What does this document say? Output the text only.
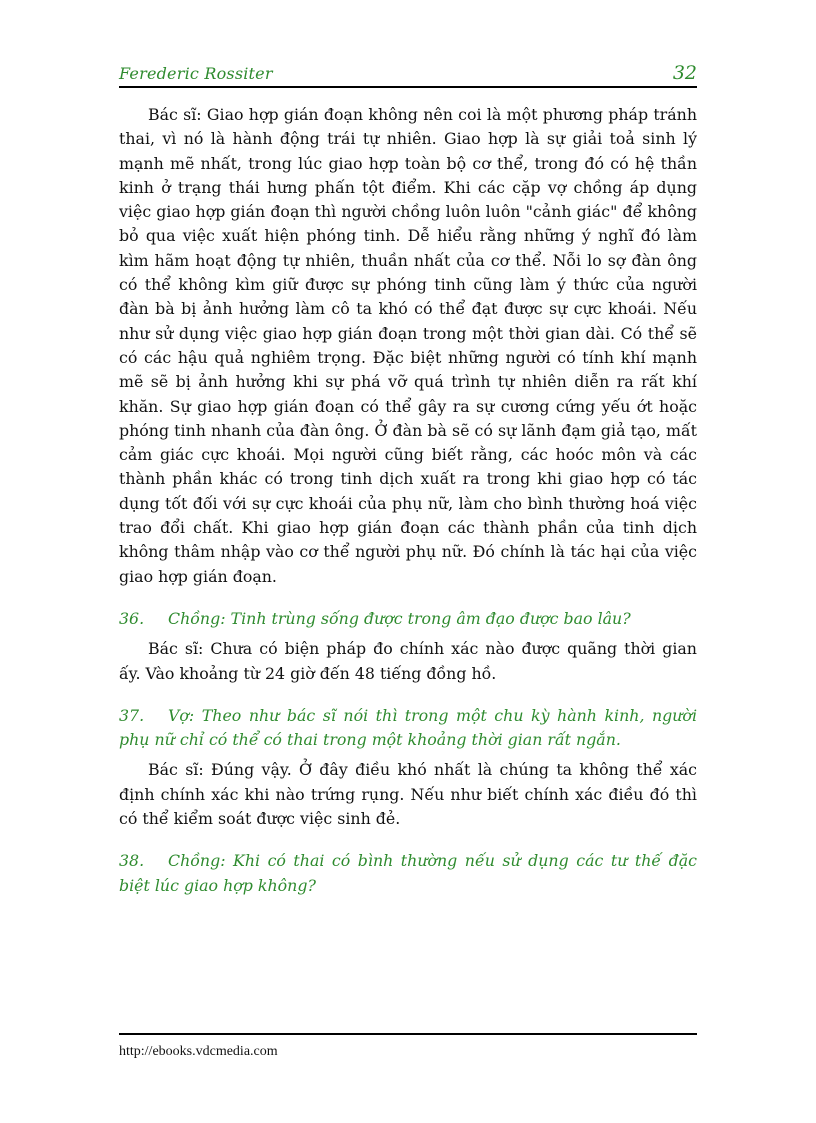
Ferederic Rossiter	32

Bác sĩ: Giao hợp gián đoạn không nên coi là một phương pháp tránh thai, vì nó là hành động trái tự nhiên. Giao hợp là sự giải toả sinh lý mạnh mẽ nhất, trong lúc giao hợp toàn bộ cơ thể, trong đó có hệ thần kinh ở trạng thái hưng phấn tột điểm. Khi các cặp vợ chồng áp dụng việc giao hợp gián đoạn thì người chồng luôn luôn "cảnh giác" để không bỏ qua việc xuất hiện phóng tinh. Dễ hiểu rằng những ý nghĩ đó làm kìm hãm hoạt động tự nhiên, thuần nhất của cơ thể. Nỗi lo sợ đàn ông có thể không kìm giữ được sự phóng tinh cũng làm ý thức của người đàn bà bị ảnh hưởng làm cô ta khó có thể đạt được sự cực khoái. Nếu như sử dụng việc giao hợp gián đoạn trong một thời gian dài. Có thể sẽ có các hậu quả nghiêm trọng. Đặc biệt những người có tính khí mạnh mẽ sẽ bị ảnh hưởng khi sự phá vỡ quá trình tự nhiên diễn ra rất khí khăn. Sự giao hợp gián đoạn có thể gây ra sự cương cứng yếu ớt hoặc phóng tinh nhanh của đàn ông. Ở đàn bà sẽ có sự lãnh đạm giả tạo, mất cảm giác cực khoái. Mọi người cũng biết rằng, các hoóc môn và các thành phần khác có trong tinh dịch xuất ra trong khi giao hợp có tác dụng tốt đối với sự cực khoái của phụ nữ, làm cho bình thường hoá việc trao đổi chất. Khi giao hợp gián đoạn các thành phần của tinh dịch không thâm nhập vào cơ thể người phụ nữ. Đó chính là tác hại của việc giao hợp gián đoạn.

36. Chồng: Tinh trùng sống được trong âm đạo được bao lâu?

Bác sĩ: Chưa có biện pháp đo chính xác nào được quãng thời gian ấy. Vào khoảng từ 24 giờ đến 48 tiếng đồng hồ.

37. Vợ: Theo như bác sĩ nói thì trong một chu kỳ hành kinh, người phụ nữ chỉ có thể có thai trong một khoảng thời gian rất ngắn.

Bác sĩ: Đúng vậy. Ở đây điều khó nhất là chúng ta không thể xác định chính xác khi nào trứng rụng. Nếu như biết chính xác điều đó thì có thể kiểm soát được việc sinh đẻ.

38. Chồng: Khi có thai có bình thường nếu sử dụng các tư thế đặc biệt lúc giao hợp không?

http://ebooks.vdcmedia.com
